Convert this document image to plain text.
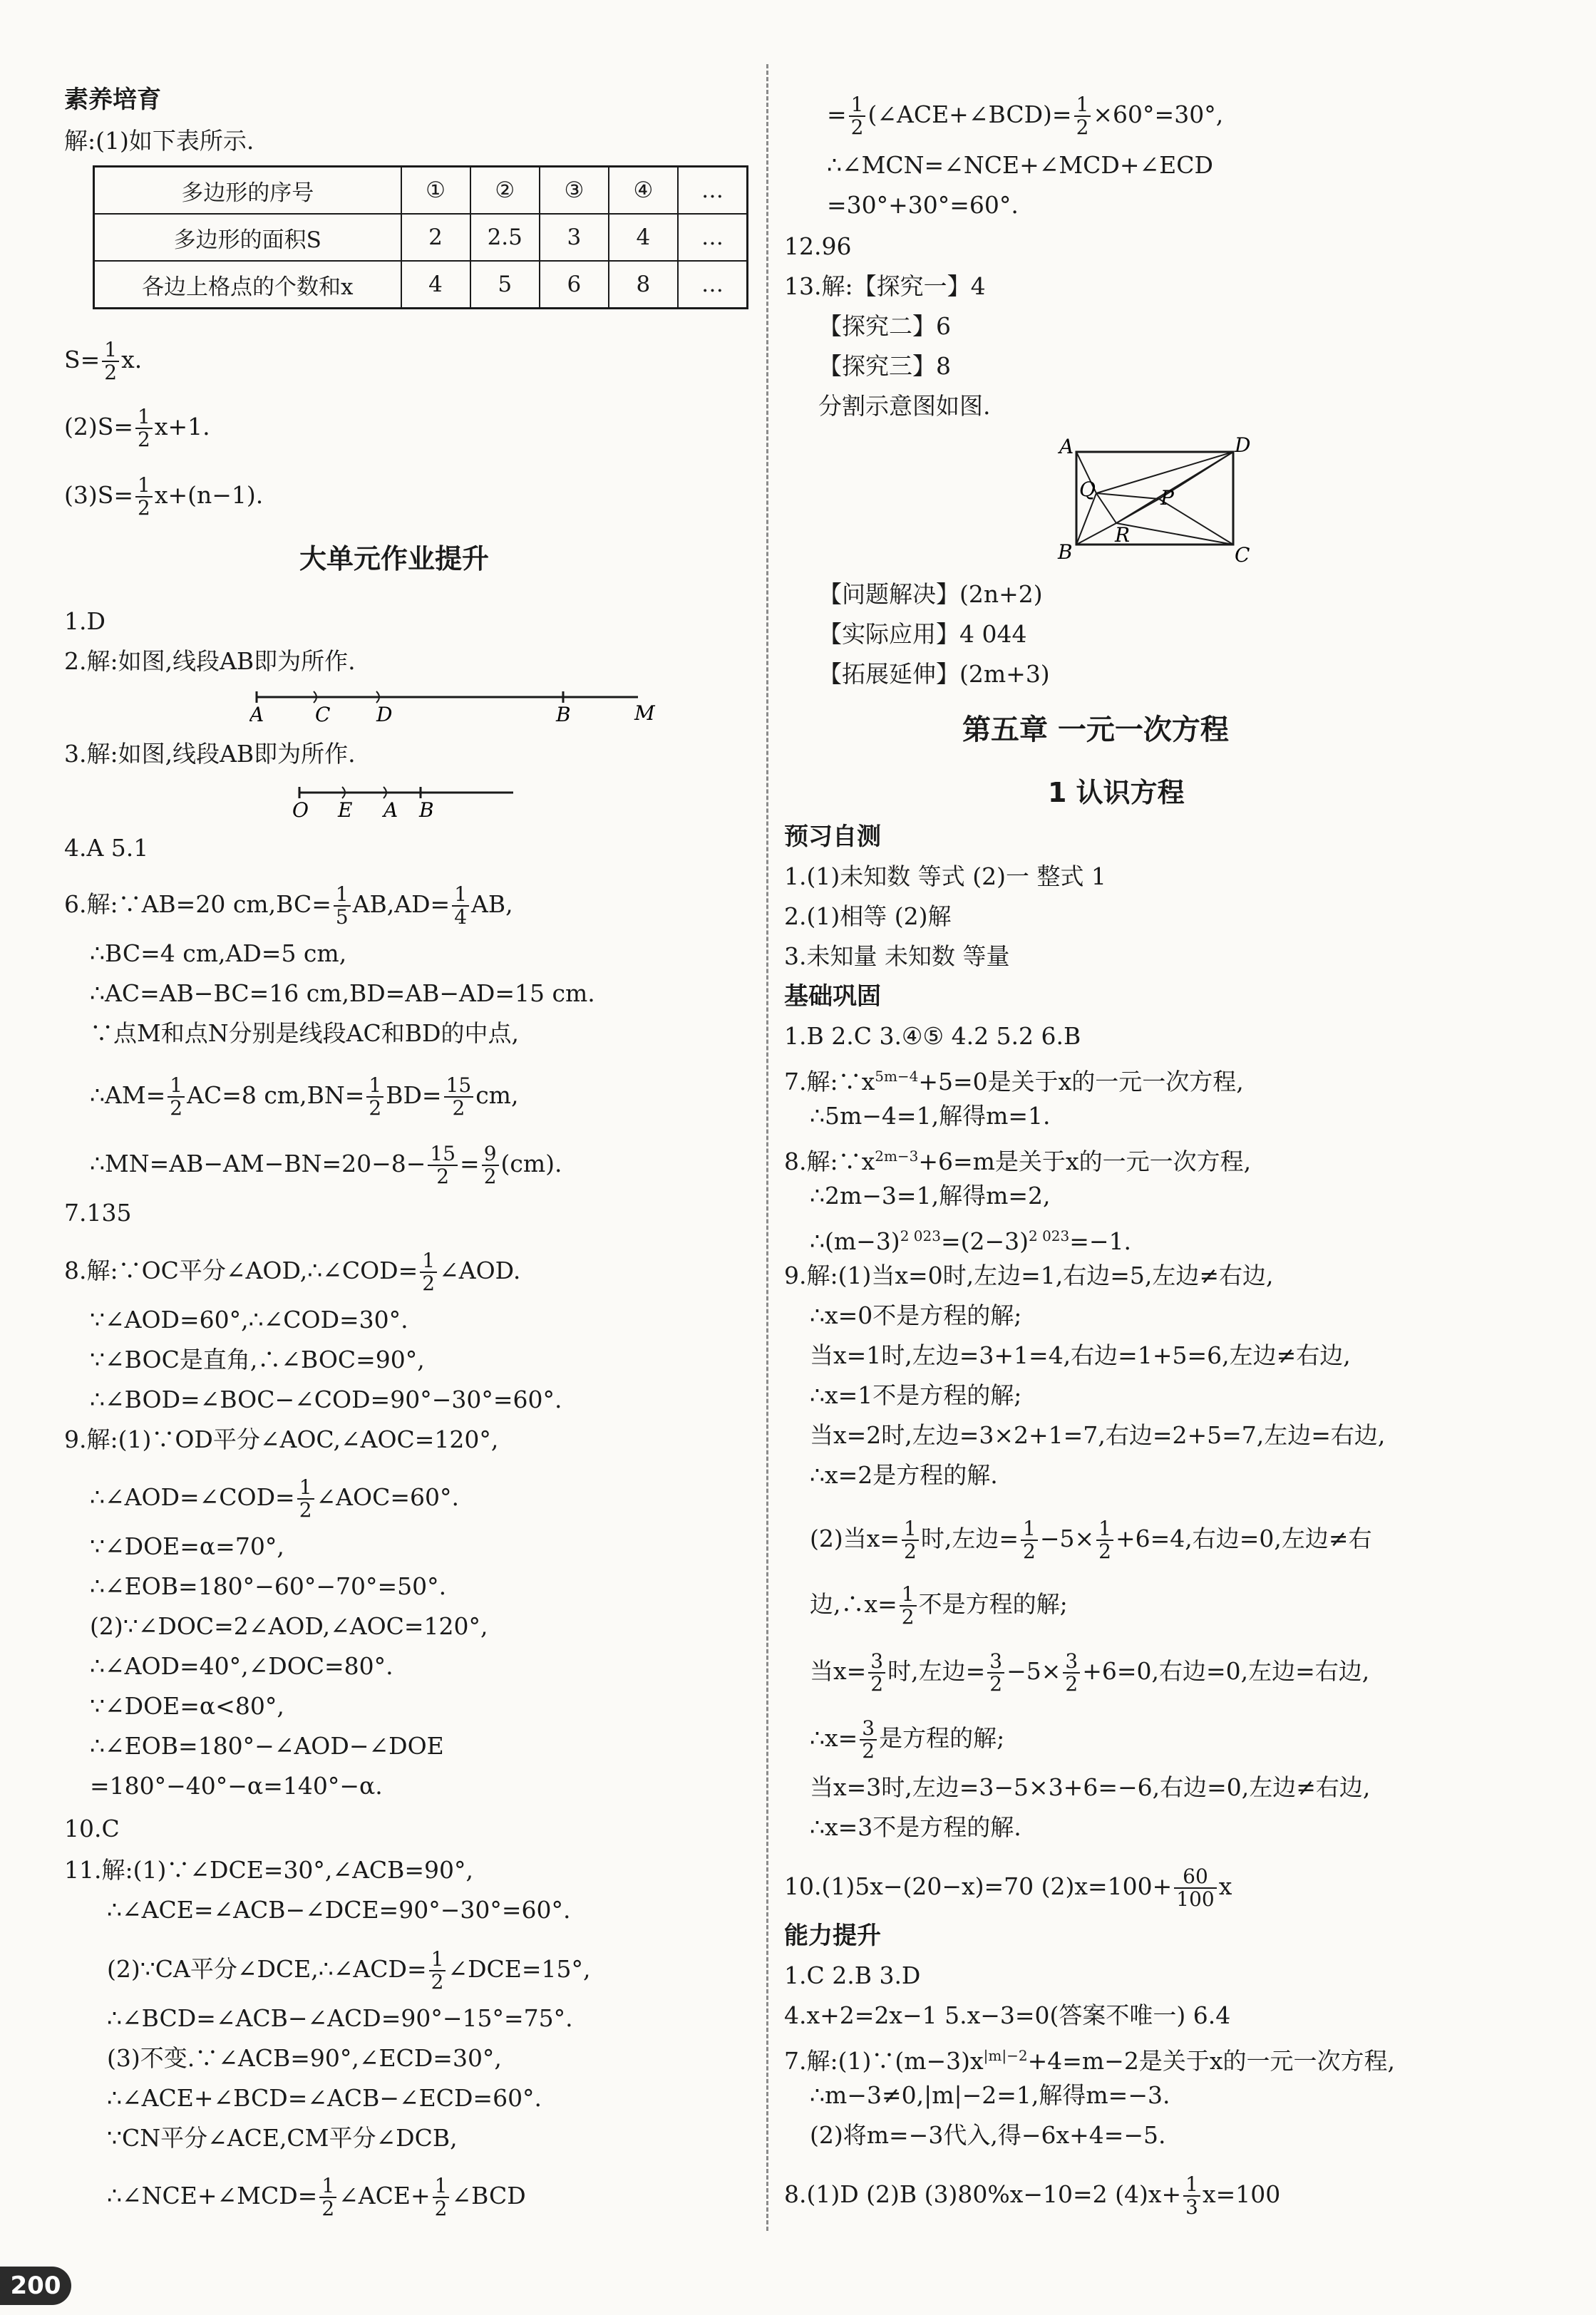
素养培育
解:(1)如下表所示.
多边形的序号	①	②	③	④	…
多边形的面积S	2	2.5	3	4	…
各边上格点的个数和x	4	5	6	8	…
$S= \frac{1}{2} x$.
$(2)S= \frac{1}{2} x+1$.
$(3)S= \frac{1}{2} x+(n-1)$.
大单元作业提升
1.D
2.解:如图,线段AB即为所作.
A	C D	B	M
3.解:如图,线段AB即为所作.
O E A B
4.A 5.1
6.解:∵AB=20 $cm,BC= \frac{1}{5} AB,AD= \frac{1}{4}$ AB,
∴BC=4 cm,AD=5 cm,
∴AC=AB−BC=16 cm,BD=AB−AD=15 cm.
∵点M和点N分别是线段AC和BD的中点,
∴AM= $\frac{1}{2} AC=8$ $cm,BN= \frac{1}{2} BD= \frac{15}{2}$ cm,
∴MN=AB−AM−BN=20−8− $\frac{15}{2} = \frac{9}{2} (cm)$.
7.135
8.解:∵OC平分∠AOD,∴∠COD= $\frac{1}{2}$ ∠AOD.
∵∠AOD=60°,∴∠COD=30°.
∵∠BOC是直角,∴∠BOC=90°,
∴∠BOD=∠BOC−∠COD=90°−30°=60°.
9.解:(1)∵OD平分∠AOC,∠AOC=120°,
∴∠AOD=∠COD= $\frac{1}{2}$ ∠AOC=60°.
∵∠DOE=α=70°,
∴∠EOB=180°−60°−70°=50°.
(2)∵∠DOC=2∠AOD,∠AOC=120°,
∴∠AOD=40°,∠DOC=80°.
∵∠DOE=α<80°,
∴∠EOB=180°−∠AOD−∠DOE
=180°−40°−α=140°−α.
10.C
11.解:(1)∵∠DCE=30°,∠ACB=90°,
∴∠ACE=∠ACB−∠DCE=90°−30°=60°.
(2)∵CA平分∠DCE,∴∠ACD= $\frac{1}{2}$ ∠DCE=15°,
∴∠BCD=∠ACB−∠ACD=90°−15°=75°.
(3)不变.∵∠ACB=90°,∠ECD=30°,
∴∠ACE+∠BCD=∠ACB−∠ECD=60°.
∵CN平分∠ACE,CM平分∠DCB,
∴∠NCE+∠MCD= $\frac{1}{2}$ ∠ACE+ $\frac{1}{2}$ ∠BCD
= $\frac{1}{2}$ (∠ACE+∠BCD)= $\frac{1}{2} \times 60^\circ=30^\circ$,
∴∠MCN=∠NCE+∠MCD+∠ECD
=30°+30°=60°.
12.96
13.解:【探究一】4
【探究二】6
【探究三】8
分割示意图如图.
A	D
Q	P
R
B	C
【问题解决】(2n+2)
【实际应用】4 044
【拓展延伸】(2m+3)
第五章 一元一次方程
1 认识方程
预习自测
1.(1)未知数 等式 (2)一 整式 1
2.(1)相等 (2)解
3.未知量 未知数 等量
基础巩固
1.B 2.C 3.④⑤ 4.2 5.2 6.B
7.解$:\because x^{5m-4}+5=0$是关于x的一元一次方程,
∴5m−4=1,解得m=1.
8.解$:\because x^{2m-3}+6=m$是关于x的一元一次方程,
∴2m−3=1,解得m=2,
$\therefore(m-3)^{2 023}=(2-3)^{2 023}=-1$.
9.解:(1)当x=0时,左边=1,右边=5,左边≠右边,
∴x=0不是方程的解;
当x=1时,左边=3+1=4,右边=1+5=6,左边≠右边,
∴x=1不是方程的解;
当x=2时,左边=3×2+1=7,右边=2+5=7,左边=右边,
∴x=2是方程的解.
(2)当$x= \frac{1}{2}$ 时,左边= $\frac{1}{2} -5\times \frac{1}{2} +6=4$,右边=0,左边≠右
边,∴x= $\frac{1}{2}$ 不是方程的解;
当$x= \frac{3}{2}$ 时,左边= $\frac{3}{2} -5\times \frac{3}{2} +6=0$,右边=0,左边=右边,
∴x= $\frac{3}{2}$ 是方程的解;
当x=3时,左边=3−5×3+6=−6,右边=0,左边≠右边,
∴x=3不是方程的解.
10.(1)5x−(20−x)=70 $(2)x=100+ \frac{60}{100}$ x
能力提升
1.C 2.B 3.D
4.x+2=2x−1 5.x−3=0(答案不唯一) 6.4
7.解$:(1)\because(m-3)x^{|m|-2}+4=m-2$是关于x的一元一次方程,
∴m−3≠0,|m|−2=1,解得m=−3.
(2)将m=−3代入,得−6x+4=−5.
8.(1)D (2)B (3)80%x−10=2 $(4)x+ \frac{1}{3} x=100$
200
